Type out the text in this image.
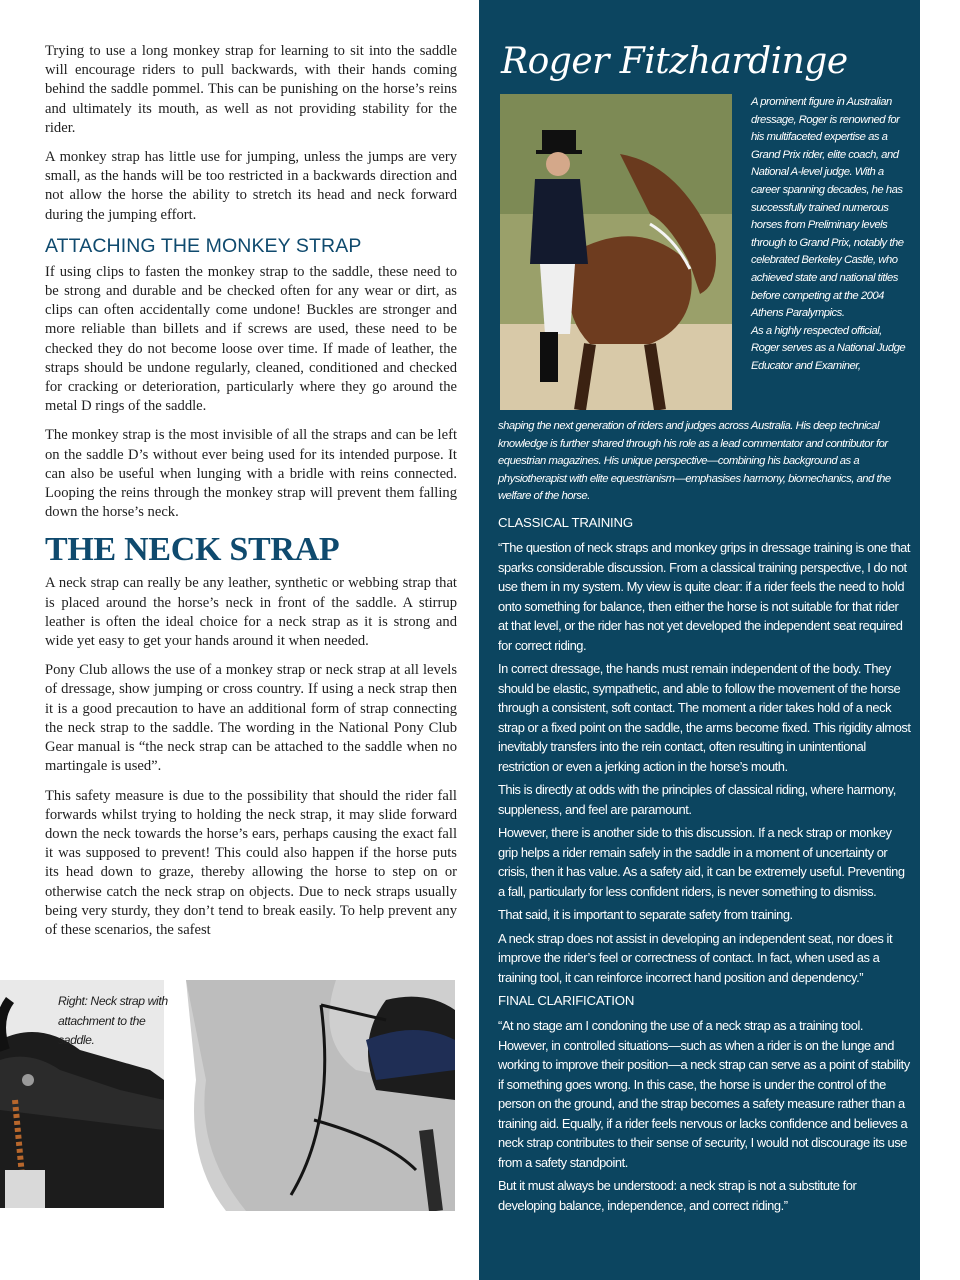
Trying to use a long monkey strap for learning to sit into the saddle will encourage riders to pull backwards, with their hands coming behind the saddle pommel. This can be punishing on the horse’s reins and ultimately its mouth, as well as not providing stability for the rider.

A monkey strap has little use for jumping, unless the jumps are very small, as the hands will be too restricted in a backwards direction and not allow the horse the ability to stretch its head and neck forward during the jumping effort.

ATTACHING THE MONKEY STRAP

If using clips to fasten the monkey strap to the saddle, these need to be strong and durable and be checked often for any wear or dirt, as clips can often accidentally come undone! Buckles are stronger and more reliable than billets and if screws are used, these need to be checked they do not become loose over time. If made of leather, the straps should be undone regularly, cleaned, conditioned and checked for cracking or deterioration, particularly where they go around the metal D rings of the saddle.

The monkey strap is the most invisible of all the straps and can be left on the saddle D’s without ever being used for its intended purpose. It can also be useful when lunging with a bridle with reins connected. Looping the reins through the monkey strap will prevent them falling down the horse’s neck.

THE NECK STRAP

A neck strap can really be any leather, synthetic or webbing strap that is placed around the horse’s neck in front of the saddle. A stirrup leather is often the ideal choice for a neck strap as it is strong and wide yet easy to get your hands around it when needed.

Pony Club allows the use of a monkey strap or neck strap at all levels of dressage, show jumping or cross country. If using a neck strap then it is a good precaution to have an additional form of strap connecting the neck strap to the saddle. The wording in the National Pony Club Gear manual is “the neck strap can be attached to the saddle when no martingale is used”.

This safety measure is due to the possibility that should the rider fall forwards whilst trying to holding the neck strap, it may slide forward down the neck towards the horse’s ears, perhaps causing the exact fall it was supposed to prevent! This could also happen if the horse puts its head down to graze, thereby allowing the horse to step on or otherwise catch the neck strap on objects. Due to neck straps usually being very sturdy, they don’t tend to break easily. To help prevent any of these scenarios, the safest

Right: Neck strap with attachment to the saddle.
Roger Fitzhardinge

A prominent figure in Australian dressage, Roger is renowned for his multifaceted expertise as a Grand Prix rider, elite coach, and National A-level judge. With a career spanning decades, he has successfully trained numerous horses from Preliminary levels through to Grand Prix, notably the celebrated Berkeley Castle, who achieved state and national titles before competing at the 2004 Athens Paralympics.

As a highly respected official, Roger serves as a National Judge Educator and Examiner,

shaping the next generation of riders and judges across Australia. His deep technical knowledge is further shared through his role as a lead commentator and contributor for equestrian magazines. His unique perspective—combining his background as a physiotherapist with elite equestrianism—emphasises harmony, biomechanics, and the welfare of the horse.

CLASSICAL TRAINING

“The question of neck straps and monkey grips in dressage training is one that sparks considerable discussion. From a classical training perspective, I do not use them in my system. My view is quite clear: if a rider feels the need to hold onto something for balance, then either the horse is not suitable for that rider at that level, or the rider has not yet developed the independent seat required for correct riding.

In correct dressage, the hands must remain independent of the body. They should be elastic, sympathetic, and able to follow the movement of the horse through a consistent, soft contact. The moment a rider takes hold of a neck strap or a fixed point on the saddle, the arms become fixed. This rigidity almost inevitably transfers into the rein contact, often resulting in unintentional restriction or even a jerking action in the horse’s mouth.

This is directly at odds with the principles of classical riding, where harmony, suppleness, and feel are paramount.

However, there is another side to this discussion. If a neck strap or monkey grip helps a rider remain safely in the saddle in a moment of uncertainty or crisis, then it has value. As a safety aid, it can be extremely useful. Preventing a fall, particularly for less confident riders, is never something to dismiss.

That said, it is important to separate safety from training.

A neck strap does not assist in developing an independent seat, nor does it improve the rider’s feel or correctness of contact. In fact, when used as a training tool, it can reinforce incorrect hand position and dependency.”

FINAL CLARIFICATION

“At no stage am I condoning the use of a neck strap as a training tool. However, in controlled situations—such as when a rider is on the lunge and working to improve their position—a neck strap can serve as a point of stability if something goes wrong. In this case, the horse is under the control of the person on the ground, and the strap becomes a safety measure rather than a training aid. Equally, if a rider feels nervous or lacks confidence and believes a neck strap contributes to their sense of security, I would not discourage its use from a safety standpoint.

But it must always be understood: a neck strap is not a substitute for developing balance, independence, and correct riding.”
